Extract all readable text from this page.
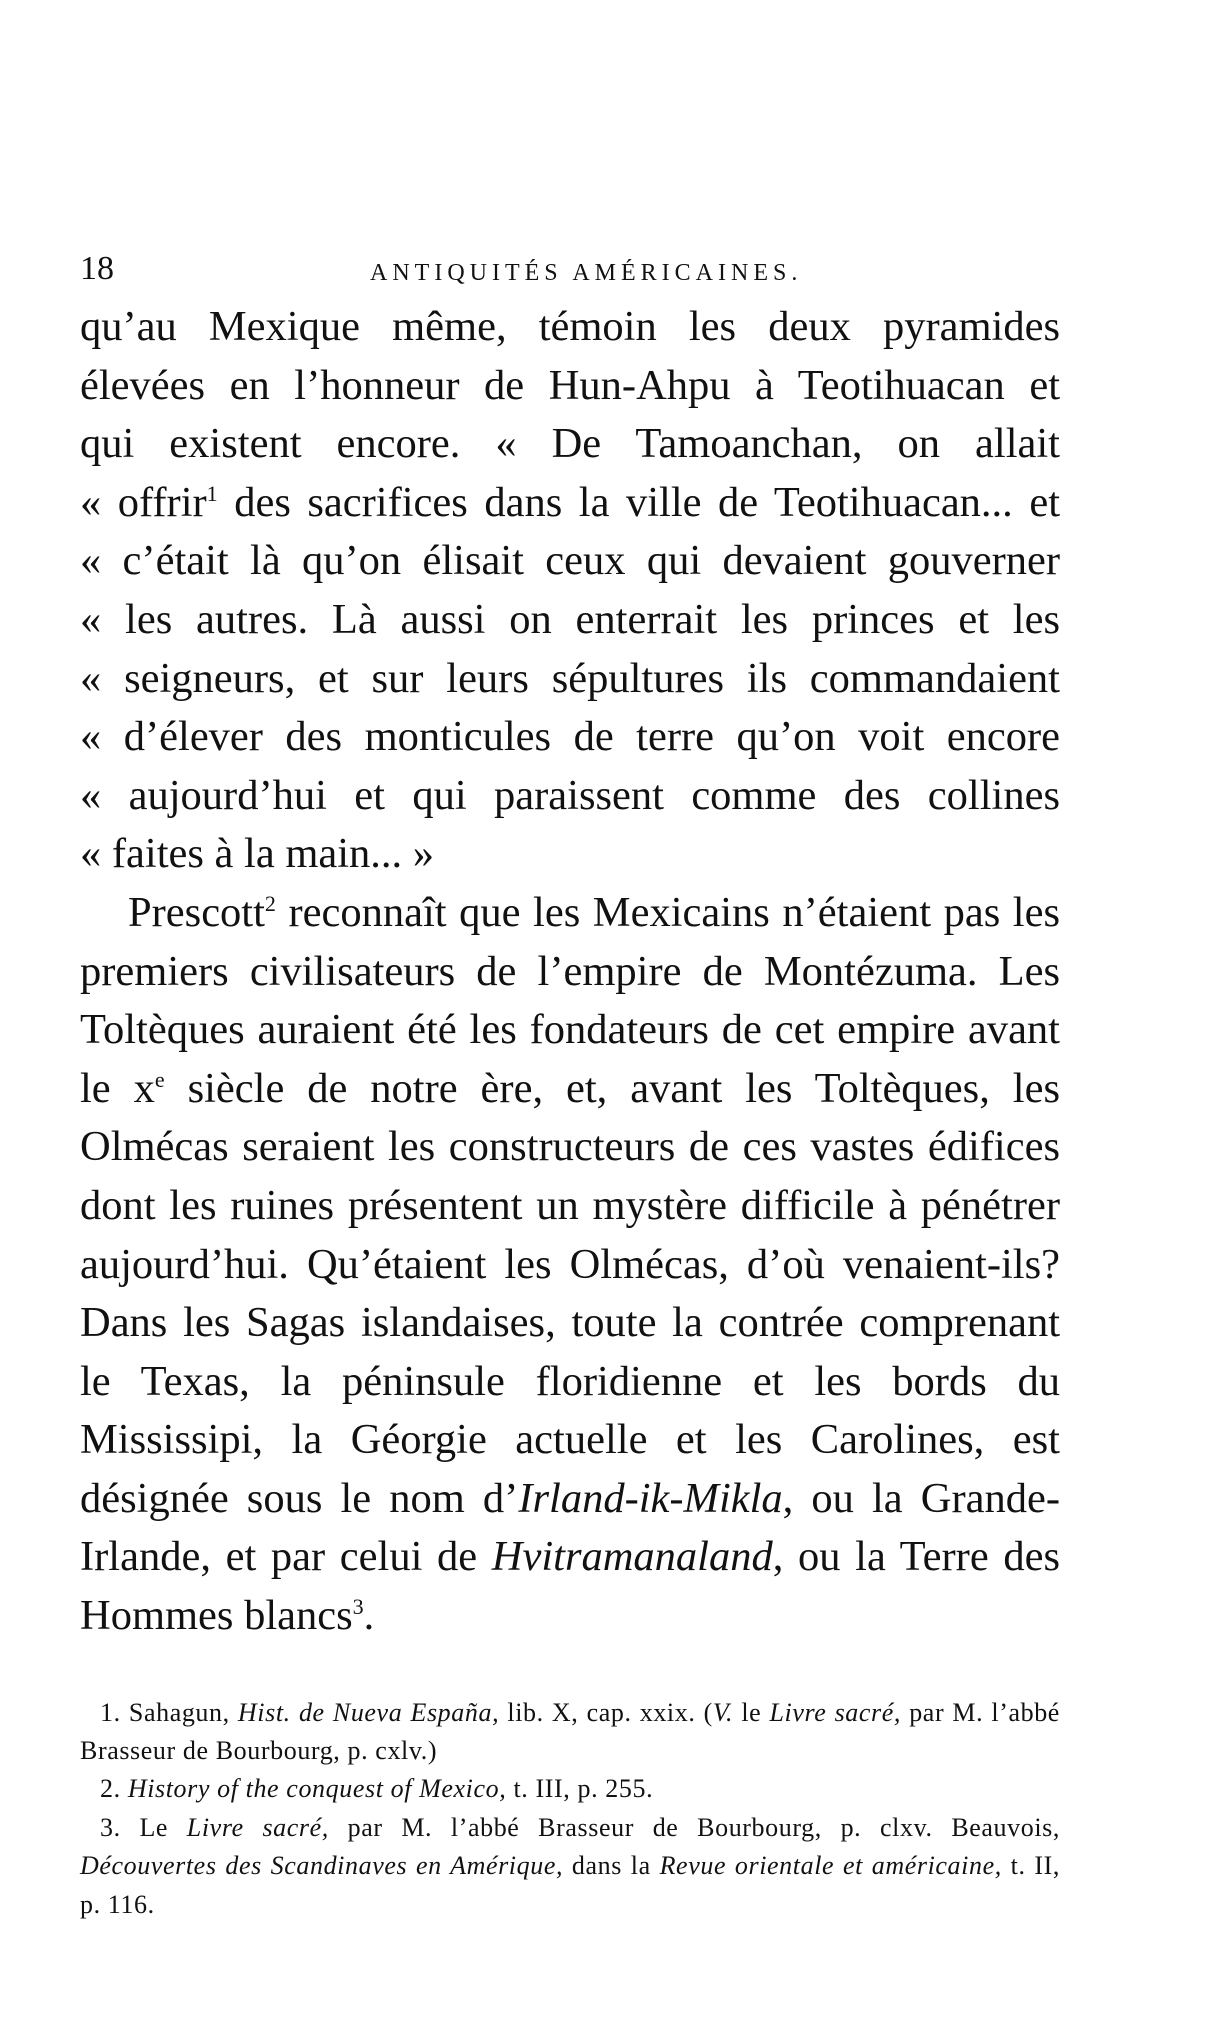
18	ANTIQUITÉS AMÉRICAINES.

qu’au Mexique même, témoin les deux pyramides
élevées en l’honneur de Hun-Ahpu à Teotihuacan et
qui existent encore. « De Tamoanchan, on allait
« offrir$^1$ des sacrifices dans la ville de Teotihuacan... et
« c’était là qu’on élisait ceux qui devaient gouverner
« les autres. Là aussi on enterrait les princes et les
« seigneurs, et sur leurs sépultures ils commandaient
« d’élever des monticules de terre qu’on voit encore
« aujourd’hui et qui paraissent comme des collines
« faites à la main... »

Prescott$^2$ reconnaît que les Mexicains n’étaient pas les premiers civilisateurs de l’empire de Montézuma. Les Toltèques auraient été les fondateurs de cet empire avant le $x^e$ siècle de notre ère, et, avant les Toltèques, les Olmécas seraient les constructeurs de ces vastes édifices dont les ruines présentent un mystère difficile à pénétrer aujourd’hui. Qu’étaient les Olmécas, d’où venaient-ils? Dans les Sagas islandaises, toute la contrée comprenant le Texas, la péninsule floridienne et les bords du Mississipi, la Géorgie actuelle et les Carolines, est désignée sous le nom d’Irland-ik-Mikla, ou la Grande-Irlande, et par celui de Hvitramanaland, ou la Terre des Hommes blancs$^3$.

1. Sahagun, Hist. de Nueva España, lib. X, cap. xxix. (V. le Livre sacré, par M. l’abbé Brasseur de Bourbourg, p. cxlv.)

2. History of the conquest of Mexico, t. III, p. 255.

3. Le Livre sacré, par M. l’abbé Brasseur de Bourbourg, p. clxv. Beauvois, Découvertes des Scandinaves en Amérique, dans la Revue orientale et américaine, t. II, p. 116.
